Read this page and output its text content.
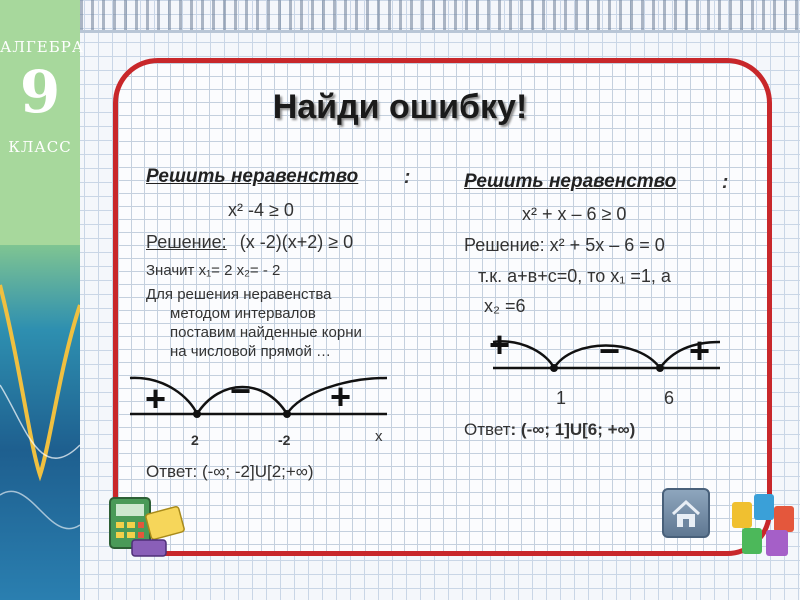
АЛГЕБРА
9
КЛАСС
Найди ошибку!
Решить неравенство :
x² -4 ≥ 0
Решение: (x -2)(x+2) ≥ 0
Значит x₁= 2 x₂= - 2
Для решения неравенства
методом интервалов
поставим найденные корни
на числовой прямой …
+ − +
2	-2	x
Ответ: (-∞; -2]U[2;+∞)
Решить неравенство :
x² + x – 6 ≥ 0
Решение: x² + 5x – 6 = 0
т.к. а+в+с=0, то x₁ =1, а
x₂ =6
+ − +
1	6
Ответ: (-∞; 1]U[6; +∞)
